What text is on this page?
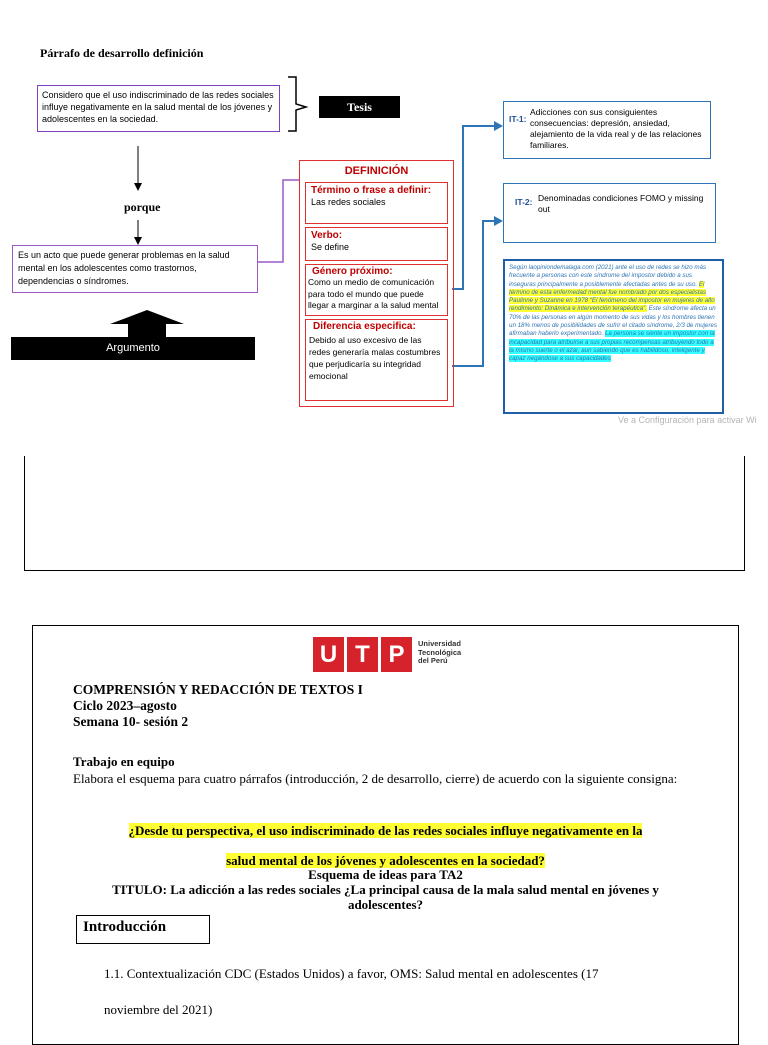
Párrafo de desarrollo definición
Considero que el uso indiscriminado de las redes sociales influye negativamente en la salud mental de los jóvenes y adolescentes en la sociedad.
Tesis
porque
Es un acto que puede generar problemas en la salud mental en los adolescentes como trastornos, dependencias o síndromes.
Argumento
DEFINICIÓN
Término o frase a definir:
Las redes sociales
Verbo:
Se define
Género próximo:
Como un medio de comunicación para todo el mundo que puede llegar a marginar a la salud mental
Diferencia especifica:
Debido al uso excesivo de las redes generaría malas costumbres que perjudicaría su integridad emocional
IT-1:
Adicciones con sus consiguientes consecuencias: depresión, ansiedad, alejamiento de la vida real y de las relaciones familiares.
IT-2: Denominadas condiciones FOMO y missing out
Según laopiniondemalaga.com (2021) ante el uso de redes se hizo más frecuente a personas con este síndrome del impostor debido a sus inseguras principalmente a posiblemente afectadas antes de su uso. El término de esta enfermedad mental fue nombrado por dos especialistas Paulinne y Suzanne en 1978 “El fenómeno del impostor en mujeres de alto rendimiento: Dinámica e intervención terapéutica”. Este síndrome afecta un 70% de las personas en algún momento de sus vidas y los hombres tienen un 18% menos de posibilidades de sufrir el citado síndrome, 2/3 de mujeres afirmaban haberlo experimentado. La persona se siente un impostor con la incapacidad para atribuirse a sus propias recompensas atribuyendo todo a la mismo suerte o el azar, aun sabiendo que es habilidoso, inteligente y capaz negándose a sus capacidades
Ve a Configuración para activar Wi
U T P	Universidad
Tecnológica
del Perú
COMPRENSIÓN Y REDACCIÓN DE TEXTOS I
Ciclo 2023–agosto
Semana 10- sesión 2
Trabajo en equipo
Elabora el esquema para cuatro párrafos (introducción, 2 de desarrollo, cierre) de acuerdo con la siguiente consigna:
¿Desde tu perspectiva, el uso indiscriminado de las redes sociales influye negativamente en la
salud mental de los jóvenes y adolescentes en la sociedad?
Esquema de ideas para TA2
TITULO: La adicción a las redes sociales ¿La principal causa de la mala salud mental en jóvenes y
adolescentes?
Introducción
1.1. Contextualización CDC (Estados Unidos) a favor, OMS: Salud mental en adolescentes (17
noviembre del 2021)
